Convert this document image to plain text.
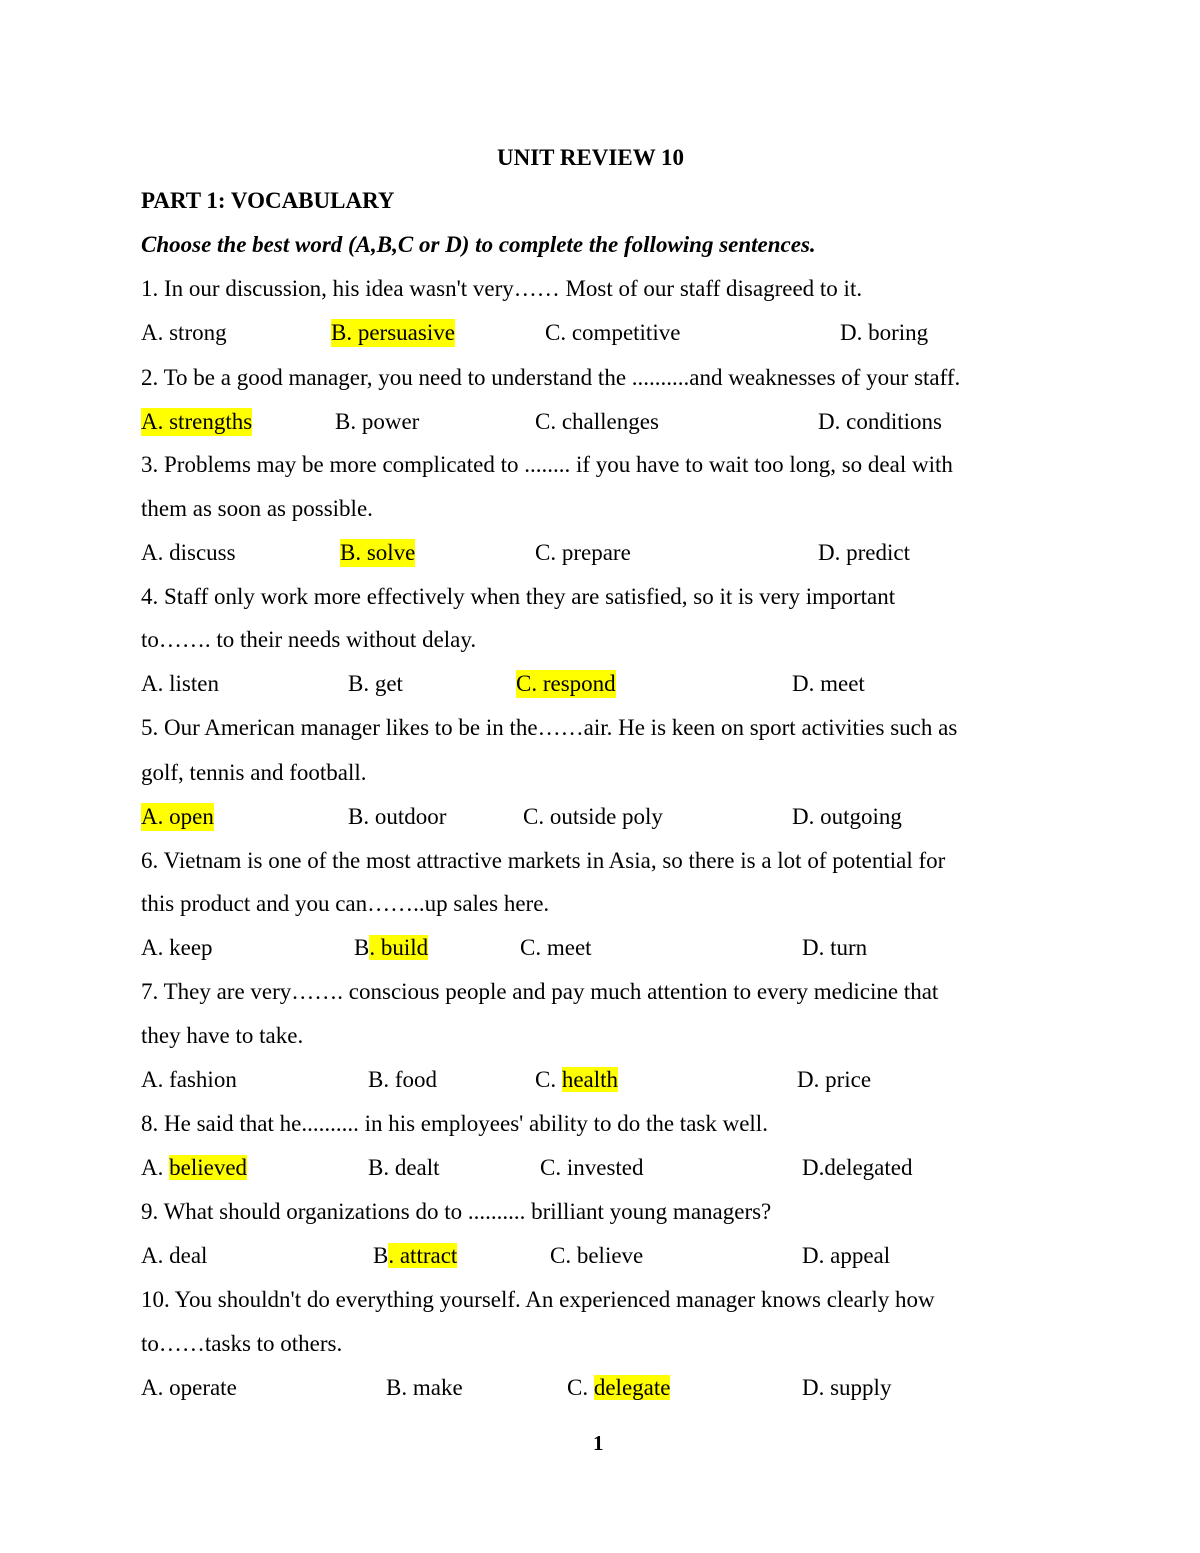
UNIT REVIEW 10
PART 1: VOCABULARY
Choose the best word (A,B,C or D) to complete the following sentences.
1. In our discussion, his idea wasn't very…… Most of our staff disagreed to it.
A. strong	B. persuasive	C. competitive	D. boring
2. To be a good manager, you need to understand the ..........and weaknesses of your staff.
A. strengths	B. power	C. challenges	D. conditions
3. Problems may be more complicated to ........ if you have to wait too long, so deal with
them as soon as possible.
A. discuss	B. solve	C. prepare	D. predict
4. Staff only work more effectively when they are satisfied, so it is very important
to……. to their needs without delay.
A. listen	B. get	C. respond	D. meet
5. Our American manager likes to be in the……air. He is keen on sport activities such as
golf, tennis and football.
A. open	B. outdoor	C. outside poly	D. outgoing
6. Vietnam is one of the most attractive markets in Asia, so there is a lot of potential for
this product and you can……..up sales here.
A. keep	B. build	C. meet	D. turn
7. They are very……. conscious people and pay much attention to every medicine that
they have to take.
A. fashion	B. food	C. health	D. price
8. He said that he.......... in his employees' ability to do the task well.
A. believed	B. dealt	C. invested	D.delegated
9. What should organizations do to .......... brilliant young managers?
A. deal	B. attract	C. believe	D. appeal
10. You shouldn't do everything yourself. An experienced manager knows clearly how
to……tasks to others.
A. operate	B. make	C. delegate	D. supply
1
